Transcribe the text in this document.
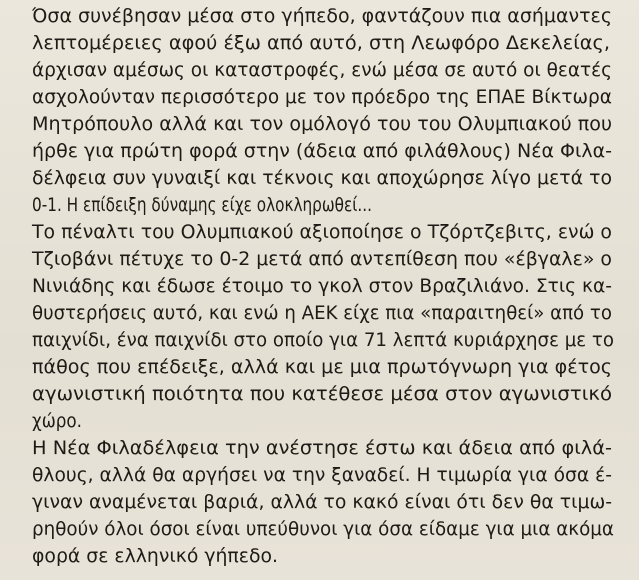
Όσα συνέβησαν μέσα στο γήπεδο, φαντάζουν πια ασήμαντες
λεπτομέρειες αφού έξω από αυτό, στη Λεωφόρο Δεκελείας,
άρχισαν αμέσως οι καταστροφές, ενώ μέσα σε αυτό οι θεατές
ασχολούνταν περισσότερο με τον πρόεδρο της ΕΠΑΕ Βίκτωρα
Μητρόπουλο αλλά και τον ομόλογό του του Ολυμπιακού που
ήρθε για πρώτη φορά στην (άδεια από φιλάθλους) Νέα Φιλα-
δέλφεια συν γυναιξί και τέκνοις και αποχώρησε λίγο μετά το
0-1. Η επίδειξη δύναμης είχε ολοκληρωθεί...
Το πέναλτι του Ολυμπιακού αξιοποίησε ο Τζόρτζεβιτς, ενώ ο
Τζιοβάνι πέτυχε το 0-2 μετά από αντεπίθεση που «έβγαλε» ο
Νινιάδης και έδωσε έτοιμο το γκολ στον Βραζιλιάνο. Στις κα-
θυστερήσεις αυτό, και ενώ η ΑΕΚ είχε πια «παραιτηθεί» από το
παιχνίδι, ένα παιχνίδι στο οποίο για 71 λεπτά κυριάρχησε με το
πάθος που επέδειξε, αλλά και με μια πρωτόγνωρη για φέτος
αγωνιστική ποιότητα που κατέθεσε μέσα στον αγωνιστικό
χώρο.
Η Νέα Φιλαδέλφεια την ανέστησε έστω και άδεια από φιλά-
θλους, αλλά θα αργήσει να την ξαναδεί. Η τιμωρία για όσα έ-
γιναν αναμένεται βαριά, αλλά το κακό είναι ότι δεν θα τιμω-
ρηθούν όλοι όσοι είναι υπεύθυνοι για όσα είδαμε για μια ακόμα
φορά σε ελληνικό γήπεδο.
